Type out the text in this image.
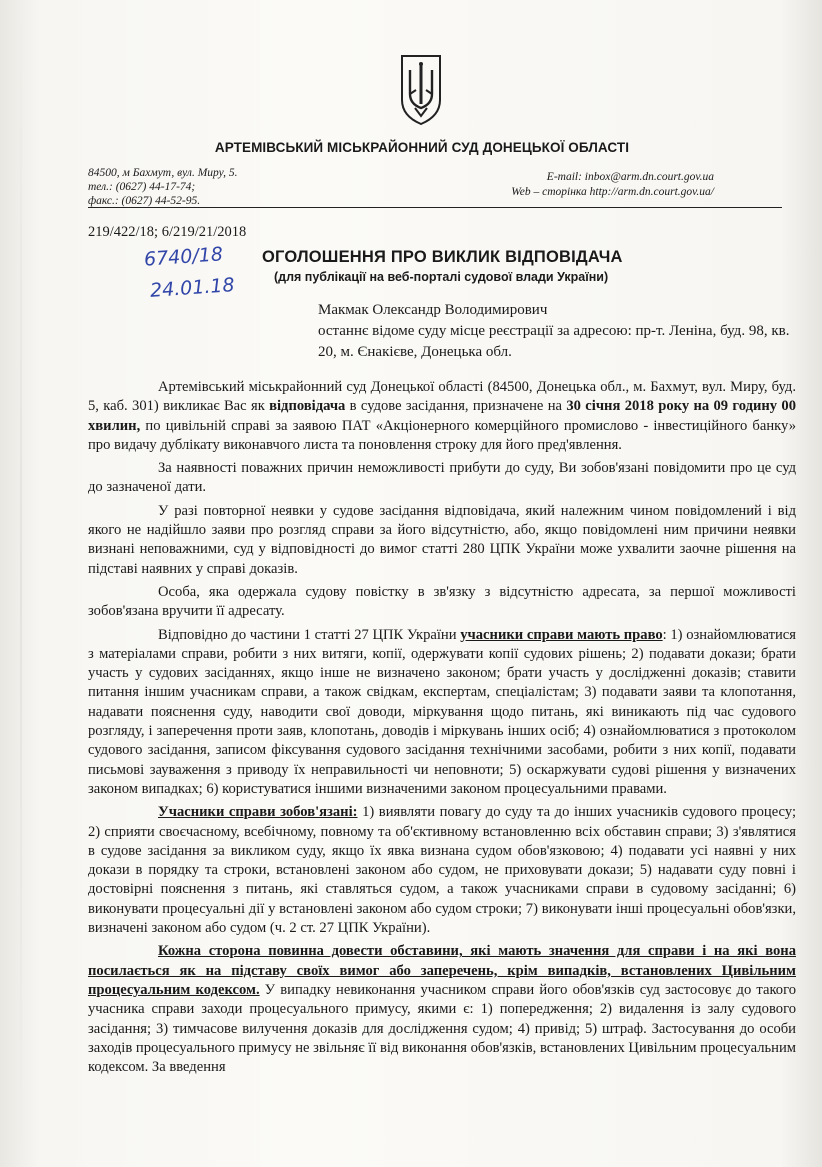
АРТЕМІВСЬКИЙ МІСЬКРАЙОННИЙ СУД ДОНЕЦЬКОЇ ОБЛАСТІ
84500, м Бахмут, вул. Миру, 5.
тел.: (0627) 44-17-74;
факс.: (0627) 44-52-95.
E-mail: inbox@arm.dn.court.gov.ua
Web – сторінка http://arm.dn.court.gov.ua/
219/422/18; 6/219/21/2018
6740/18
24.01.18
ОГОЛОШЕННЯ ПРО ВИКЛИК ВІДПОВІДАЧА
(для публікації на веб-порталі судової влади України)
Макмак Олександр Володимирович
останнє відоме суду місце реєстрації за адресою: пр-т. Леніна, буд. 98, кв. 20, м. Єнакієве, Донецька обл.

Артемівський міськрайонний суд Донецької області (84500, Донецька обл., м. Бахмут, вул. Миру, буд. 5, каб. 301) викликає Вас як відповідача в судове засідання, призначене на 30 січня 2018 року на 09 годину 00 хвилин, по цивільній справі за заявою ПАТ «Акціонерного комерційного промислово - інвестиційного банку» про видачу дублікату виконавчого листа та поновлення строку для його пред'явлення.

За наявності поважних причин неможливості прибути до суду, Ви зобов'язані повідомити про це суд до зазначеної дати.

У разі повторної неявки у судове засідання відповідача, який належним чином повідомлений і від якого не надійшло заяви про розгляд справи за його відсутністю, або, якщо повідомлені ним причини неявки визнані неповажними, суд у відповідності до вимог статті 280 ЦПК України може ухвалити заочне рішення на підставі наявних у справі доказів.

Особа, яка одержала судову повістку в зв'язку з відсутністю адресата, за першої можливості зобов'язана вручити її адресату.

Відповідно до частини 1 статті 27 ЦПК України учасники справи мають право: 1) ознайомлюватися з матеріалами справи, робити з них витяги, копії, одержувати копії судових рішень; 2) подавати докази; брати участь у судових засіданнях, якщо інше не визначено законом; брати участь у дослідженні доказів; ставити питання іншим учасникам справи, а також свідкам, експертам, спеціалістам; 3) подавати заяви та клопотання, надавати пояснення суду, наводити свої доводи, міркування щодо питань, які виникають під час судового розгляду, і заперечення проти заяв, клопотань, доводів і міркувань інших осіб; 4) ознайомлюватися з протоколом судового засідання, записом фіксування судового засідання технічними засобами, робити з них копії, подавати письмові зауваження з приводу їх неправильності чи неповноти; 5) оскаржувати судові рішення у визначених законом випадках; 6) користуватися іншими визначеними законом процесуальними правами.

Учасники справи зобов'язані: 1) виявляти повагу до суду та до інших учасників судового процесу; 2) сприяти своєчасному, всебічному, повному та об'єктивному встановленню всіх обставин справи; 3) з'являтися в судове засідання за викликом суду, якщо їх явка визнана судом обов'язковою; 4) подавати усі наявні у них докази в порядку та строки, встановлені законом або судом, не приховувати докази; 5) надавати суду повні і достовірні пояснення з питань, які ставляться судом, а також учасниками справи в судовому засіданні; 6) виконувати процесуальні дії у встановлені законом або судом строки; 7) виконувати інші процесуальні обов'язки, визначені законом або судом (ч. 2 ст. 27 ЦПК України).

Кожна сторона повинна довести обставини, які мають значення для справи і на які вона посилається як на підставу своїх вимог або заперечень, крім випадків, встановлених Цивільним процесуальним кодексом. У випадку невиконання учасником справи його обов'язків суд застосовує до такого учасника справи заходи процесуального примусу, якими є: 1) попередження; 2) видалення із залу судового засідання; 3) тимчасове вилучення доказів для дослідження судом; 4) привід; 5) штраф. Застосування до особи заходів процесуального примусу не звільняє її від виконання обов'язків, встановлених Цивільним процесуальним кодексом. За введення
